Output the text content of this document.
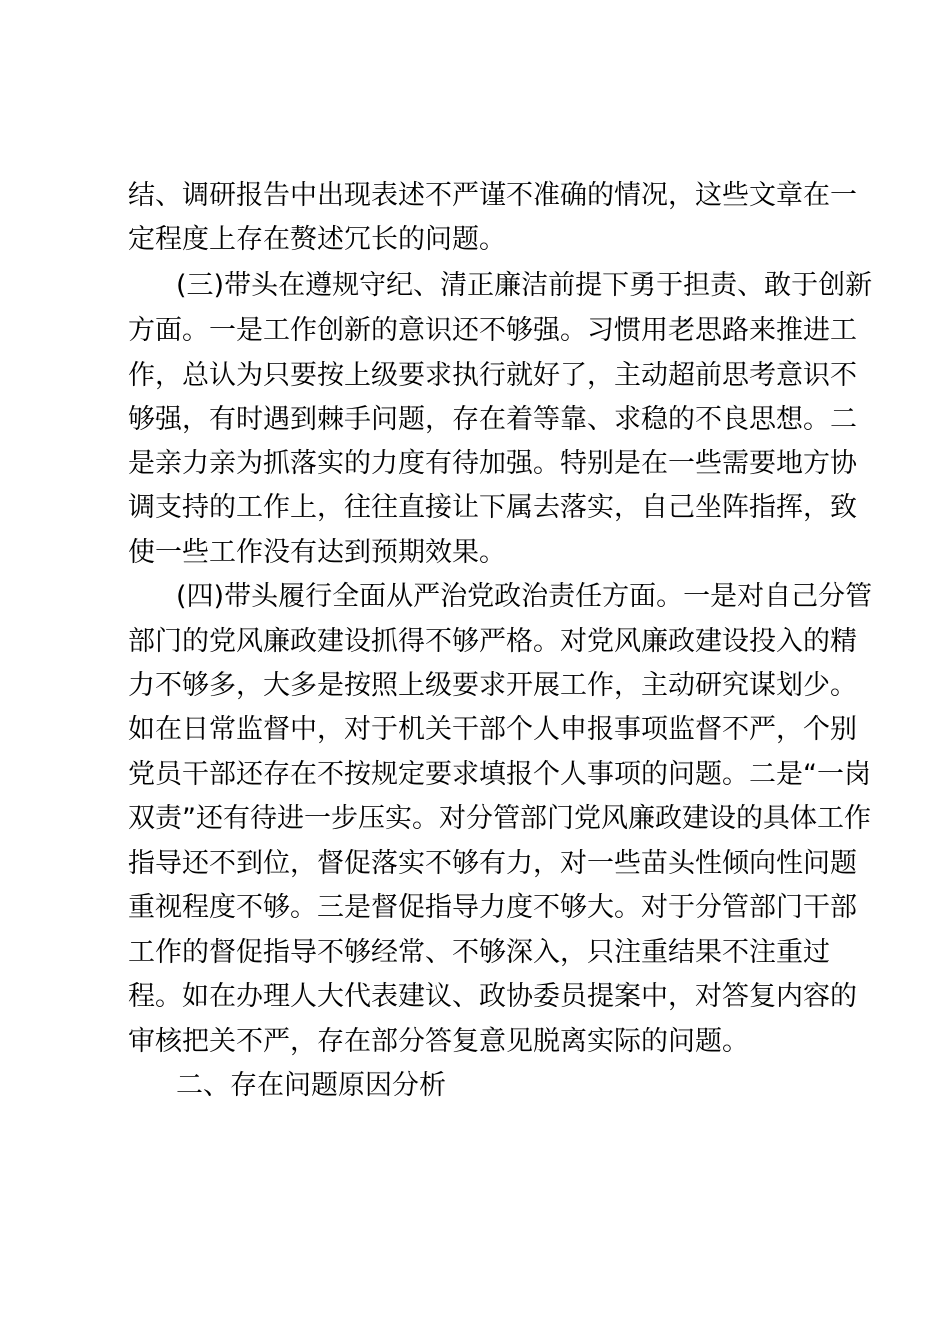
结、调研报告中出现表述不严谨不准确的情况，这些文章在一
定程度上存在赘述冗长的问题。
(三)带头在遵规守纪、清正廉洁前提下勇于担责、敢于创新
方面。一是工作创新的意识还不够强。习惯用老思路来推进工
作，总认为只要按上级要求执行就好了，主动超前思考意识不
够强，有时遇到棘手问题，存在着等靠、求稳的不良思想。二
是亲力亲为抓落实的力度有待加强。特别是在一些需要地方协
调支持的工作上，往往直接让下属去落实，自己坐阵指挥，致
使一些工作没有达到预期效果。
(四)带头履行全面从严治党政治责任方面。一是对自己分管
部门的党风廉政建设抓得不够严格。对党风廉政建设投入的精
力不够多，大多是按照上级要求开展工作，主动研究谋划少。
如在日常监督中，对于机关干部个人申报事项监督不严，个别
党员干部还存在不按规定要求填报个人事项的问题。二是“一岗
双责”还有待进一步压实。对分管部门党风廉政建设的具体工作
指导还不到位，督促落实不够有力，对一些苗头性倾向性问题
重视程度不够。三是督促指导力度不够大。对于分管部门干部
工作的督促指导不够经常、不够深入，只注重结果不注重过
程。如在办理人大代表建议、政协委员提案中，对答复内容的
审核把关不严，存在部分答复意见脱离实际的问题。
二、存在问题原因分析
